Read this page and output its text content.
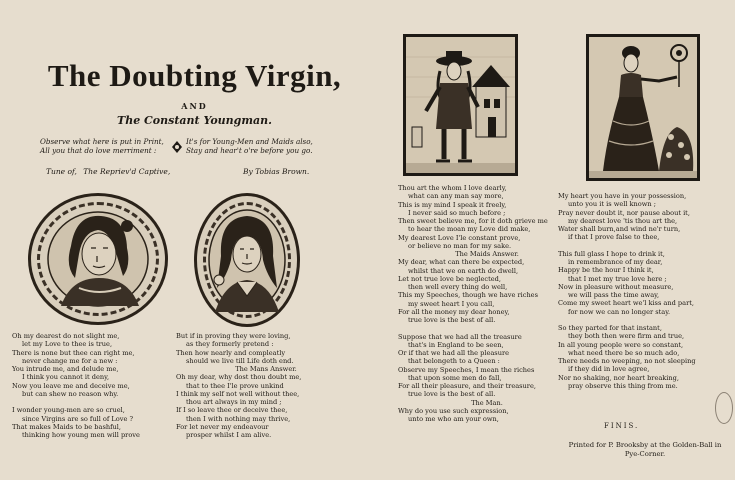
The Doubting Virgin,
AND
The Constant Youngman.
Observe what here is put in Print,
All you that do love merriment :
It's for Young-Men and Maids also,
Stay and hear't o're before you go.
Tune of, The Repriev'd Captive,	By Tobias Brown.
Oh my dearest do not slight me,
let my Love to thee is true,
There is none but thee can right me,
never change me for a new :
You intrude me, and delude me,
I think you cannot it deny,
Now you leave me and deceive me,
but can shew no reason why.
I wonder young-men are so cruel,
since Virgins are so full of Love ?
That makes Maids to be bashful,
thinking how young men will prove
But if in proving they were loving,
as they formerly pretend :
Then how nearly and compleatly
should we live till Life doth end.
The Mans Answer.
Oh my dear, why dost thou doubt me,
that to thee I'le prove unkind
I think my self not well without thee,
thou art always in my mind ;
If I so leave thee or deceive thee,
then I with nothing may thrive,
For let never my endeavour
prosper whilst I am alive.
Thou art the whom I love dearly,
what can any man say more,
This is my mind I speak it freely,
I never said so much before ;
Then sweet believe me, for it doth grieve me
to hear the moan my Love did make,
My dearest Love I'le constant prove,
or believe no man for my sake.
The Maids Answer.
My dear, what can there be expected,
whilst that we on earth do dwell,
Let not true love be neglected,
then well every thing do well,
This my Speeches, though we have riches
my sweet heart I you call,
For all the money my dear honey,
true love is the best of all.
Suppose that we had all the treasure
that's in England to be seen,
Or if that we had all the pleasure
that belongeth to a Queen :
Observe my Speeches, I mean the riches
that upon some men do fall,
For all their pleasure, and their treasure,
true love is the best of all.
The Man.
Why do you use such expression,
unto me who am your own,
My heart you have in your possession,
unto you it is well known ;
Pray never doubt it, nor pause about it,
my dearest love 'tis thou art the,
Water shall burn,and wind ne'r turn,
if that I prove false to thee,
This full glass I hope to drink it,
in remembrance of my dear,
Happy be the hour I think it,
that I met my true love here ;
Now in pleasure without measure,
we will pass the time away,
Come my sweet heart we'l kiss and part,
for now we can no longer stay.
So they parted for that instant,
they both then were firm and true,
In all young people were so constant,
what need there be so much ado,
There needs no weeping, no not sleeping
if they did in love agree,
Nor no shaking, nor heart breaking,
pray observe this thing from me.
FINIS.
Printed for P. Brooksby at the Golden-Ball in
Pye-Corner.
